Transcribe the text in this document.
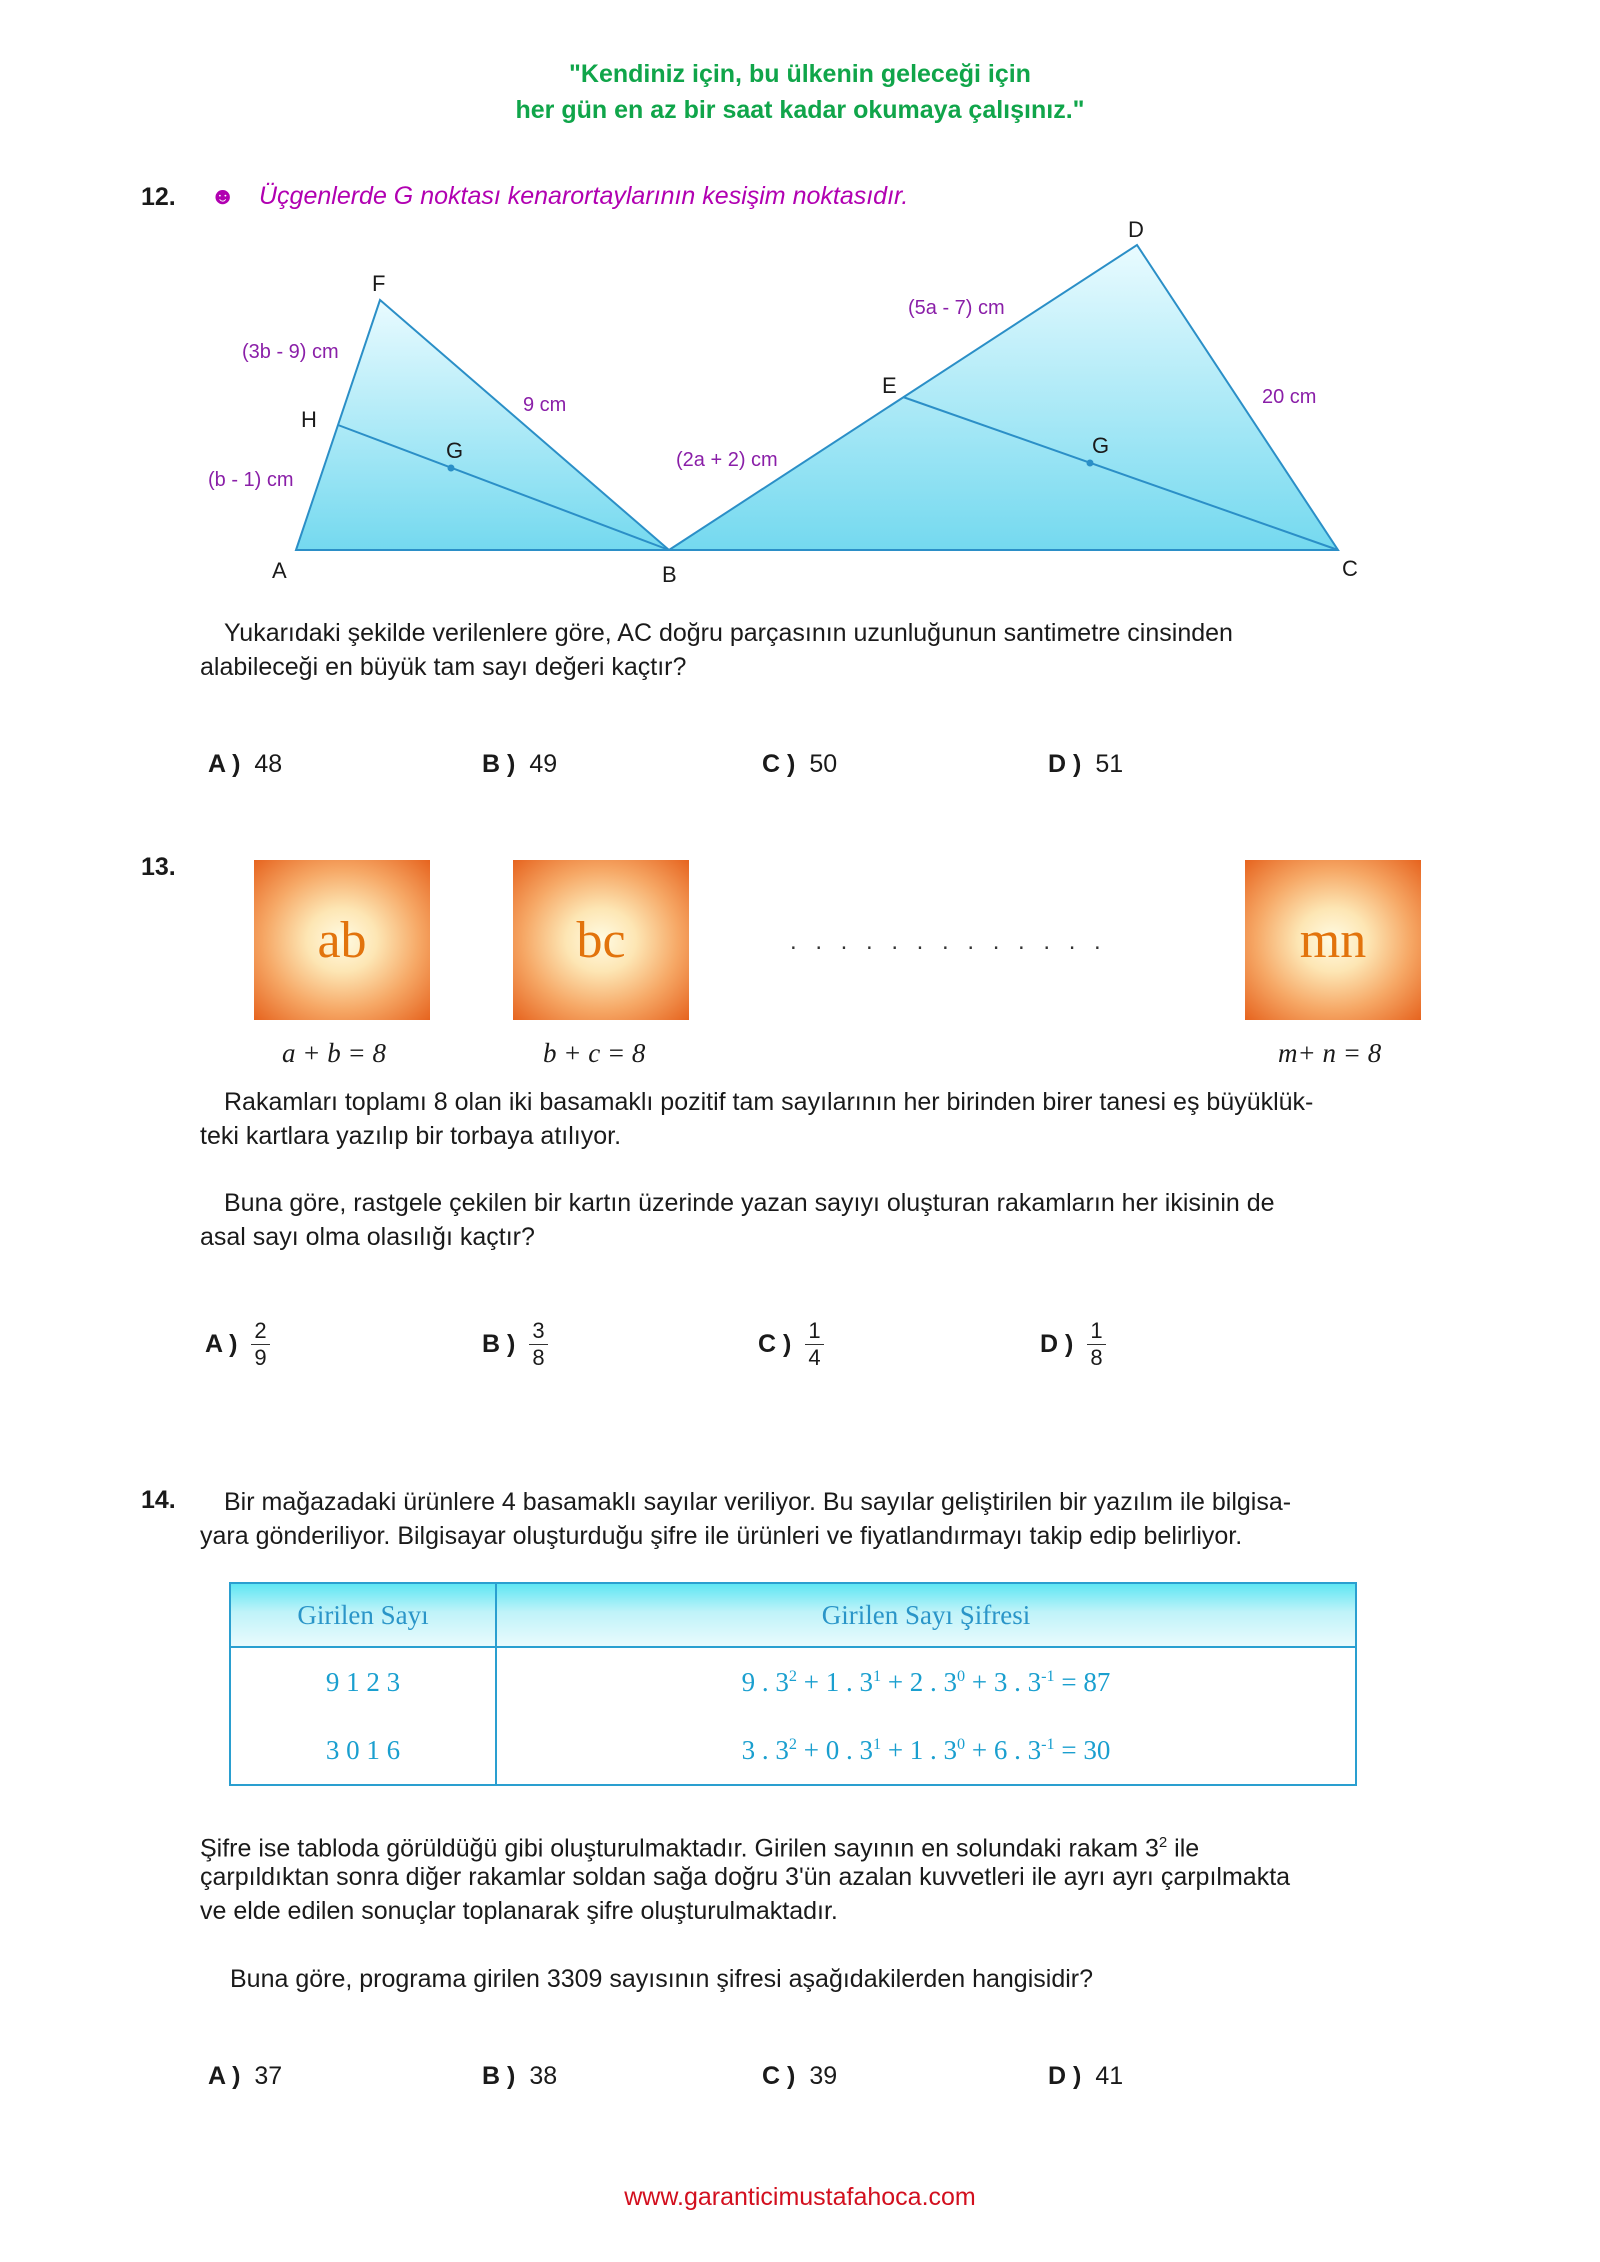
"Kendiniz için, bu ülkenin geleceği için
her gün en az bir saat kadar okumaya çalışınız."
12. ☻ Üçgenlerde G noktası kenarortaylarının kesişim noktasıdır.
A	B	C
D
E
F
G	G
H
(b - 1) cm
(3b - 9) cm
9 cm
(2a + 2) cm
(5a - 7) cm
20 cm
Yukarıdaki şekilde verilenlere göre, AC doğru parçasının uzunluğunun santimetre cinsinden
alabileceği en büyük tam sayı değeri kaçtır?
A ) 48	B ) 49	C ) 50	D ) 51
13.
ab	bc	. . . . . . . . . . . . .	mn
a + b = 8	b + c = 8	m+ n = 8
Rakamları toplamı 8 olan iki basamaklı pozitif tam sayılarının her birinden birer tanesi eş büyüklük-
teki kartlara yazılıp bir torbaya atılıyor.
Buna göre, rastgele çekilen bir kartın üzerinde yazan sayıyı oluşturan rakamların her ikisinin de
asal sayı olma olasılığı kaçtır?
A ) $\frac{2}{9}$	B ) $\frac{3}{8}$	C ) $\frac{1}{4}$	D ) $\frac{1}{8}$
14. Bir mağazadaki ürünlere 4 basamaklı sayılar veriliyor. Bu sayılar geliştirilen bir yazılım ile bilgisa-
yara gönderiliyor. Bilgisayar oluşturduğu şifre ile ürünleri ve fiyatlandırmayı takip edip belirliyor.
Girilen Sayı	Girilen Sayı Şifresi
9 1 2 3	9 . $3^2 + 1$ . $3^1 + 2$ . $3^0 + 3$ . $3^{-1} = 87$
3 0 1 6	3 . $3^2 + 0$ . $3^1 + 1$ . $3^0 + 6$ . $3^{-1} = 30$
Şifre ise tabloda görüldüğü gibi oluşturulmaktadır. Girilen sayının en solundaki rakam $3^2$ ile
çarpıldıktan sonra diğer rakamlar soldan sağa doğru 3'ün azalan kuvvetleri ile ayrı ayrı çarpılmakta
ve elde edilen sonuçlar toplanarak şifre oluşturulmaktadır.
Buna göre, programa girilen 3309 sayısının şifresi aşağıdakilerden hangisidir?
A ) 37	B ) 38	C ) 39	D ) 41
www.garanticimustafahoca.com
